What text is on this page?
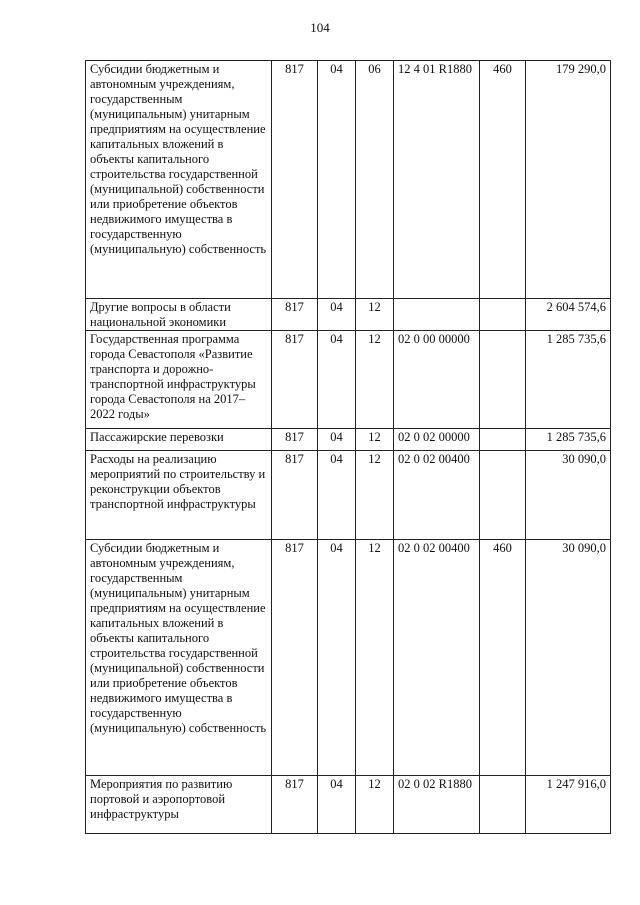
104
Субсидии бюджетным и автономным учреждениям, государственным (муниципальным) унитарным предприятиям на осуществление капитальных вложений в объекты капитального строительства государственной (муниципальной) собственности или приобретение объектов недвижимого имущества в государственную (муниципальную) собственность	817	04	06	12 4 01 R1880	460	179 290,0
Другие вопросы в области национальной экономики	817	04	12			2 604 574,6
Государственная программа города Севастополя «Развитие транспорта и дорожно-транспортной инфраструктуры города Севастополя на 2017–2022 годы»	817	04	12	02 0 00 00000		1 285 735,6
Пассажирские перевозки	817	04	12	02 0 02 00000		1 285 735,6
Расходы на реализацию мероприятий по строительству и реконструкции объектов транспортной инфраструктуры	817	04	12	02 0 02 00400		30 090,0
Субсидии бюджетным и автономным учреждениям, государственным (муниципальным) унитарным предприятиям на осуществление капитальных вложений в объекты капитального строительства государственной (муниципальной) собственности или приобретение объектов недвижимого имущества в государственную (муниципальную) собственность	817	04	12	02 0 02 00400	460	30 090,0
Мероприятия по развитию портовой и аэропортовой инфраструктуры	817	04	12	02 0 02 R1880		1 247 916,0
